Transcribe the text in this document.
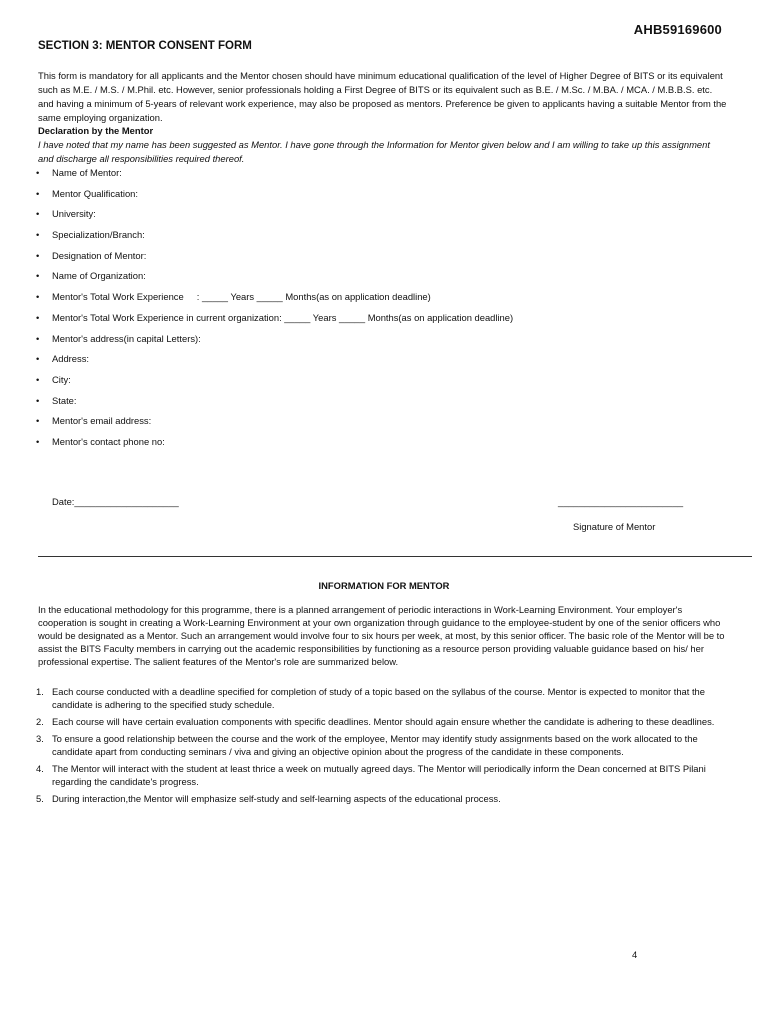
AHB59169600
SECTION 3: MENTOR CONSENT FORM
This form is mandatory for all applicants and the Mentor chosen should have minimum educational qualification of the level of Higher Degree of BITS or its equivalent such as M.E. / M.S. / M.Phil. etc. However, senior professionals holding a First Degree of BITS or its equivalent such as B.E. / M.Sc. / M.BA. / MCA. / M.B.B.S. etc. and having a minimum of 5-years of relevant work experience, may also be proposed as mentors. Preference be given to applicants having a suitable Mentor from the same employing organization.
Declaration by the Mentor
I have noted that my name has been suggested as Mentor. I have gone through the Information for Mentor given below and I am willing to take up this assignment and discharge all responsibilities required thereof.
• Name of Mentor:
• Mentor Qualification:
• University:
• Specialization/Branch:
• Designation of Mentor:
• Name of Organization:
• Mentor's Total Work Experience     : _____ Years _____ Months(as on application deadline)
• Mentor's Total Work Experience in current organization: _____ Years _____ Months(as on application deadline)
• Mentor's address(in capital Letters):
• Address:
• City:
• State:
• Mentor's email address:
• Mentor's contact phone no:
Date:____________________	________________________
Signature of Mentor
INFORMATION FOR MENTOR
In the educational methodology for this programme, there is a planned arrangement of periodic interactions in Work-Learning Environment. Your employer's cooperation is sought in creating a Work-Learning Environment at your own organization through guidance to the employee-student by one of the senior officers who would be designated as a Mentor. Such an arrangement would involve four to six hours per week, at most, by this senior officer. The basic role of the Mentor will be to assist the BITS Faculty members in carrying out the academic responsibilities by functioning as a resource person providing valuable guidance based on his/ her professional expertise. The salient features of the Mentor's role are summarized below.
1. Each course conducted with a deadline specified for completion of study of a topic based on the syllabus of the course. Mentor is expected to monitor that the candidate is adhering to the specified study schedule.
2. Each course will have certain evaluation components with specific deadlines. Mentor should again ensure whether the candidate is adhering to these deadlines.
3. To ensure a good relationship between the course and the work of the employee, Mentor may identify study assignments based on the work allocated to the candidate apart from conducting seminars / viva and giving an objective opinion about the progress of the candidate in these components.
4. The Mentor will interact with the student at least thrice a week on mutually agreed days. The Mentor will periodically inform the Dean concerned at BITS Pilani regarding the candidate's progress.
5. During interaction,the Mentor will emphasize self-study and self-learning aspects of the educational process.
4
